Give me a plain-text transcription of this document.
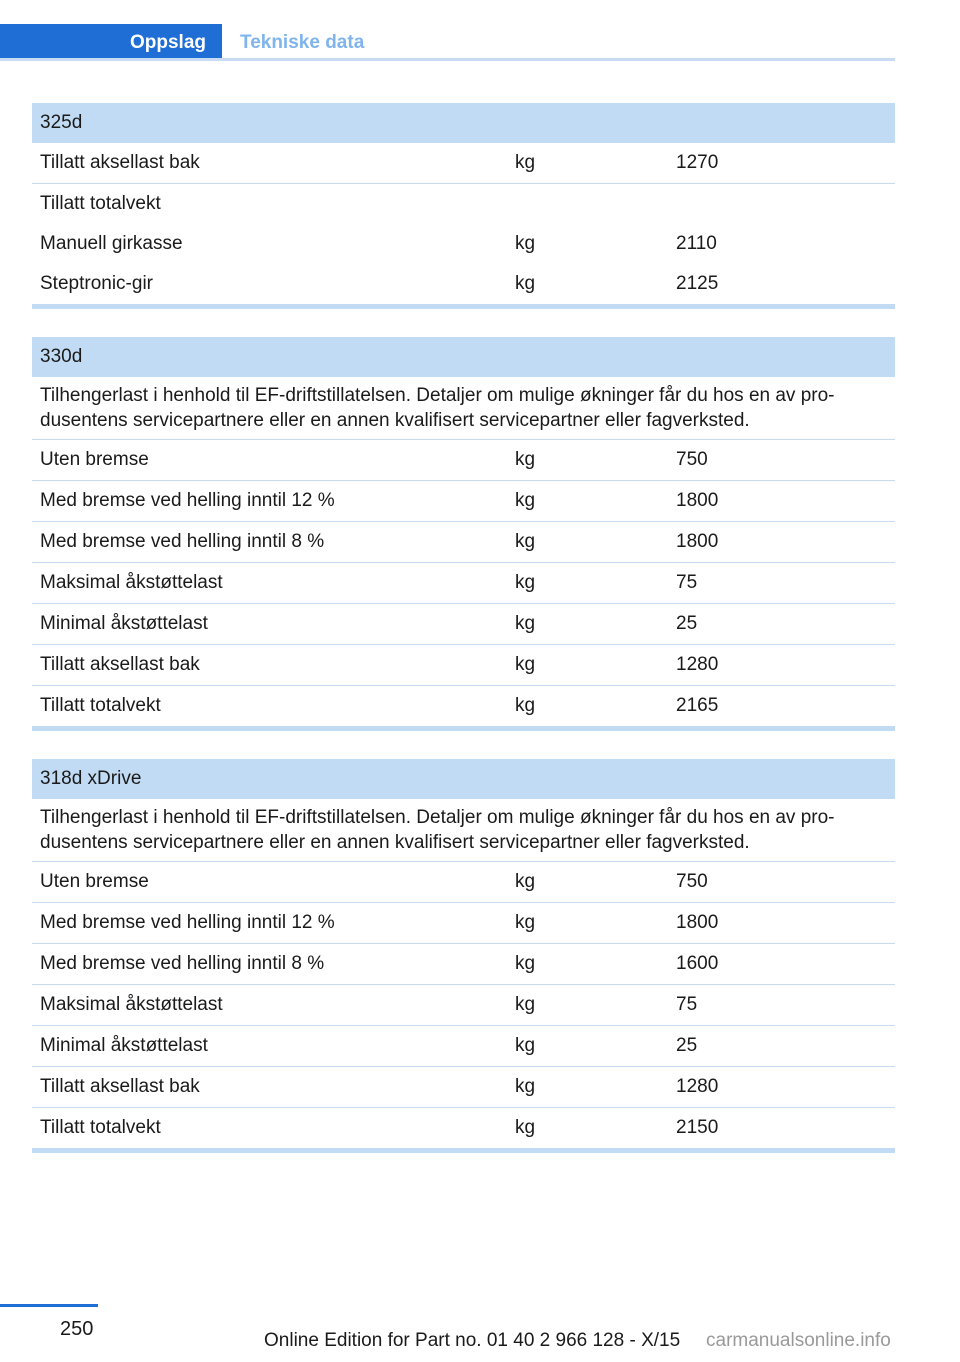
Oppslag	Tekniske data
325d		
Tillatt aksellast bak	kg	1270
Tillatt totalvekt		
Manuell girkasse	kg	2110
Steptronic-gir	kg	2125
330d		
Tilhengerlast i henhold til EF-driftstillatelsen. Detaljer om mulige økninger får du hos en av pro-dusentens servicepartnere eller en annen kvalifisert servicepartner eller fagverksted.		
Uten bremse	kg	750
Med bremse ved helling inntil 12 %	kg	1800
Med bremse ved helling inntil 8 %	kg	1800
Maksimal åkstøttelast	kg	75
Minimal åkstøttelast	kg	25
Tillatt aksellast bak	kg	1280
Tillatt totalvekt	kg	2165
318d xDrive		
Tilhengerlast i henhold til EF-driftstillatelsen. Detaljer om mulige økninger får du hos en av pro-dusentens servicepartnere eller en annen kvalifisert servicepartner eller fagverksted.		
Uten bremse	kg	750
Med bremse ved helling inntil 12 %	kg	1800
Med bremse ved helling inntil 8 %	kg	1600
Maksimal åkstøttelast	kg	75
Minimal åkstøttelast	kg	25
Tillatt aksellast bak	kg	1280
Tillatt totalvekt	kg	2150
250
Online Edition for Part no. 01 40 2 966 128 - X/15 carmanualsonline.info
